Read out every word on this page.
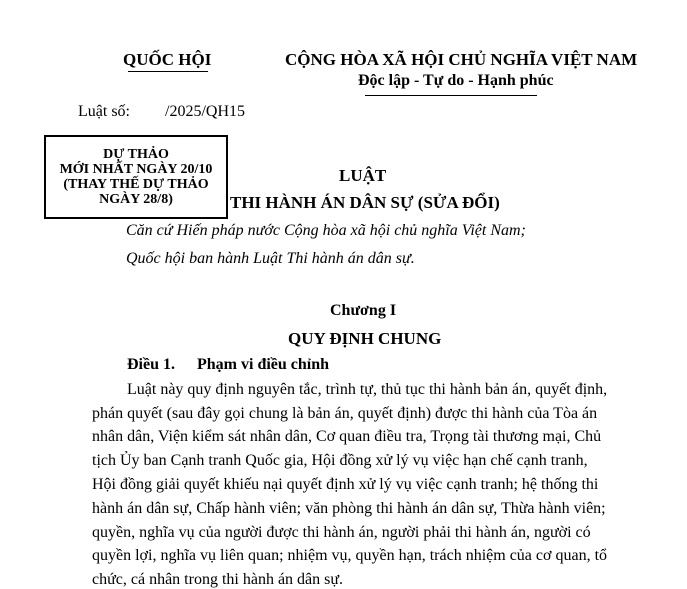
QUỐC HỘI	CỘNG HÒA XÃ HỘI CHỦ NGHĨA VIỆT NAM
Độc lập - Tự do - Hạnh phúc
Luật số: /2025/QH15
DỰ THẢO
MỚI NHẤT NGÀY 20/10
(THAY THẾ DỰ THẢO
NGÀY 28/8)
LUẬT
THI HÀNH ÁN DÂN SỰ (SỬA ĐỔI)
Căn cứ Hiến pháp nước Cộng hòa xã hội chủ nghĩa Việt Nam;
Quốc hội ban hành Luật Thi hành án dân sự.
Chương I
QUY ĐỊNH CHUNG
Điều 1. Phạm vi điều chỉnh
Luật này quy định nguyên tắc, trình tự, thủ tục thi hành bản án, quyết định,
phán quyết (sau đây gọi chung là bản án, quyết định) được thi hành của Tòa án
nhân dân, Viện kiểm sát nhân dân, Cơ quan điều tra, Trọng tài thương mại, Chủ
tịch Ủy ban Cạnh tranh Quốc gia, Hội đồng xử lý vụ việc hạn chế cạnh tranh,
Hội đồng giải quyết khiếu nại quyết định xử lý vụ việc cạnh tranh; hệ thống thi
hành án dân sự, Chấp hành viên; văn phòng thi hành án dân sự, Thừa hành viên;
quyền, nghĩa vụ của người được thi hành án, người phải thi hành án, người có
quyền lợi, nghĩa vụ liên quan; nhiệm vụ, quyền hạn, trách nhiệm của cơ quan, tổ
chức, cá nhân trong thi hành án dân sự.
